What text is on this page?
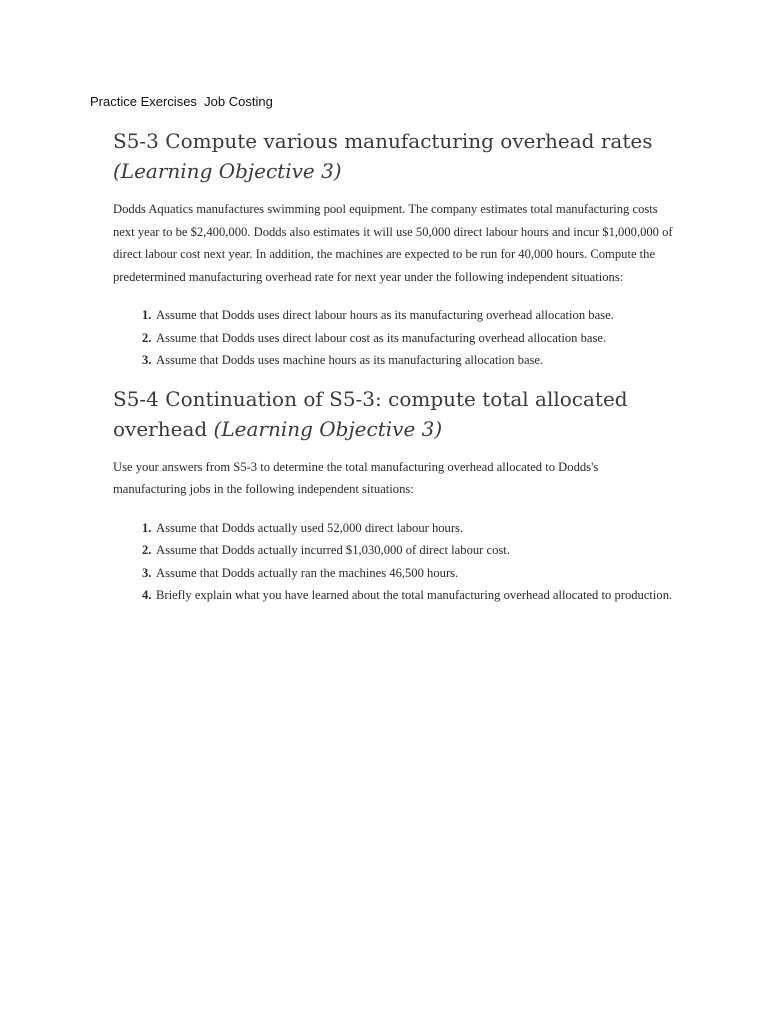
Practice Exercises  Job Costing
S5-3 Compute various manufacturing overhead rates (Learning Objective 3)

Dodds Aquatics manufactures swimming pool equipment. The company estimates total manufacturing costs next year to be $2,400,000. Dodds also estimates it will use 50,000 direct labour hours and incur $1,000,000 of direct labour cost next year. In addition, the machines are expected to be run for 40,000 hours. Compute the predetermined manufacturing overhead rate for next year under the following independent situations:

1. Assume that Dodds uses direct labour hours as its manufacturing overhead allocation base.
2. Assume that Dodds uses direct labour cost as its manufacturing overhead allocation base.
3. Assume that Dodds uses machine hours as its manufacturing allocation base.
S5-4 Continuation of S5-3: compute total allocated overhead (Learning Objective 3)

Use your answers from S5-3 to determine the total manufacturing overhead allocated to Dodds's manufacturing jobs in the following independent situations:

1. Assume that Dodds actually used 52,000 direct labour hours.
2. Assume that Dodds actually incurred $1,030,000 of direct labour cost.
3. Assume that Dodds actually ran the machines 46,500 hours.
4. Briefly explain what you have learned about the total manufacturing overhead allocated to production.
